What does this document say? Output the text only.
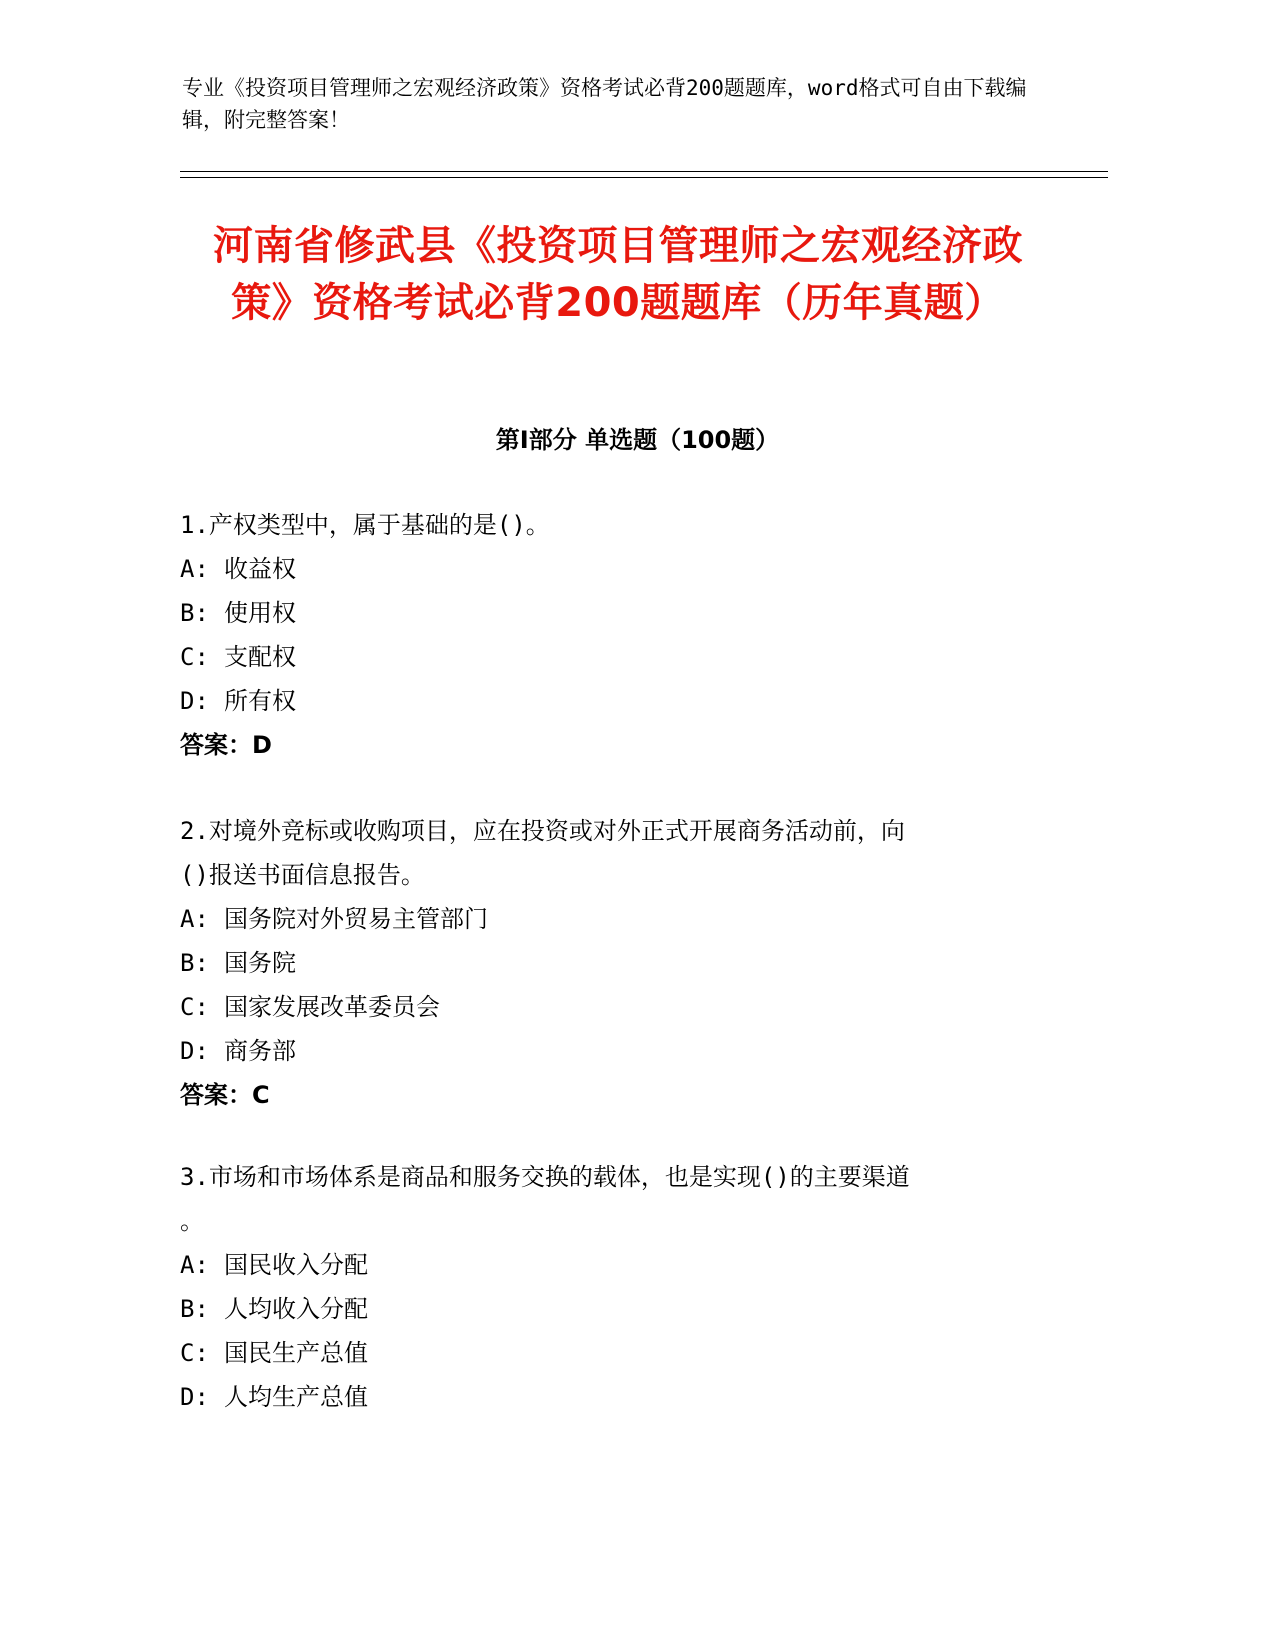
专业《投资项目管理师之宏观经济政策》资格考试必背200题题库，word格式可自由下载编辑，附完整答案！
河南省修武县《投资项目管理师之宏观经济政策》资格考试必背200题题库（历年真题）
第Ⅰ部分 单选题（100题）
1.产权类型中，属于基础的是()。
A: 收益权
B: 使用权
C: 支配权
D: 所有权
答案：D
2.对境外竞标或收购项目，应在投资或对外正式开展商务活动前，向
()报送书面信息报告。
A: 国务院对外贸易主管部门
B: 国务院
C: 国家发展改革委员会
D: 商务部
答案：C
3.市场和市场体系是商品和服务交换的载体，也是实现()的主要渠道
。
A: 国民收入分配
B: 人均收入分配
C: 国民生产总值
D: 人均生产总值
